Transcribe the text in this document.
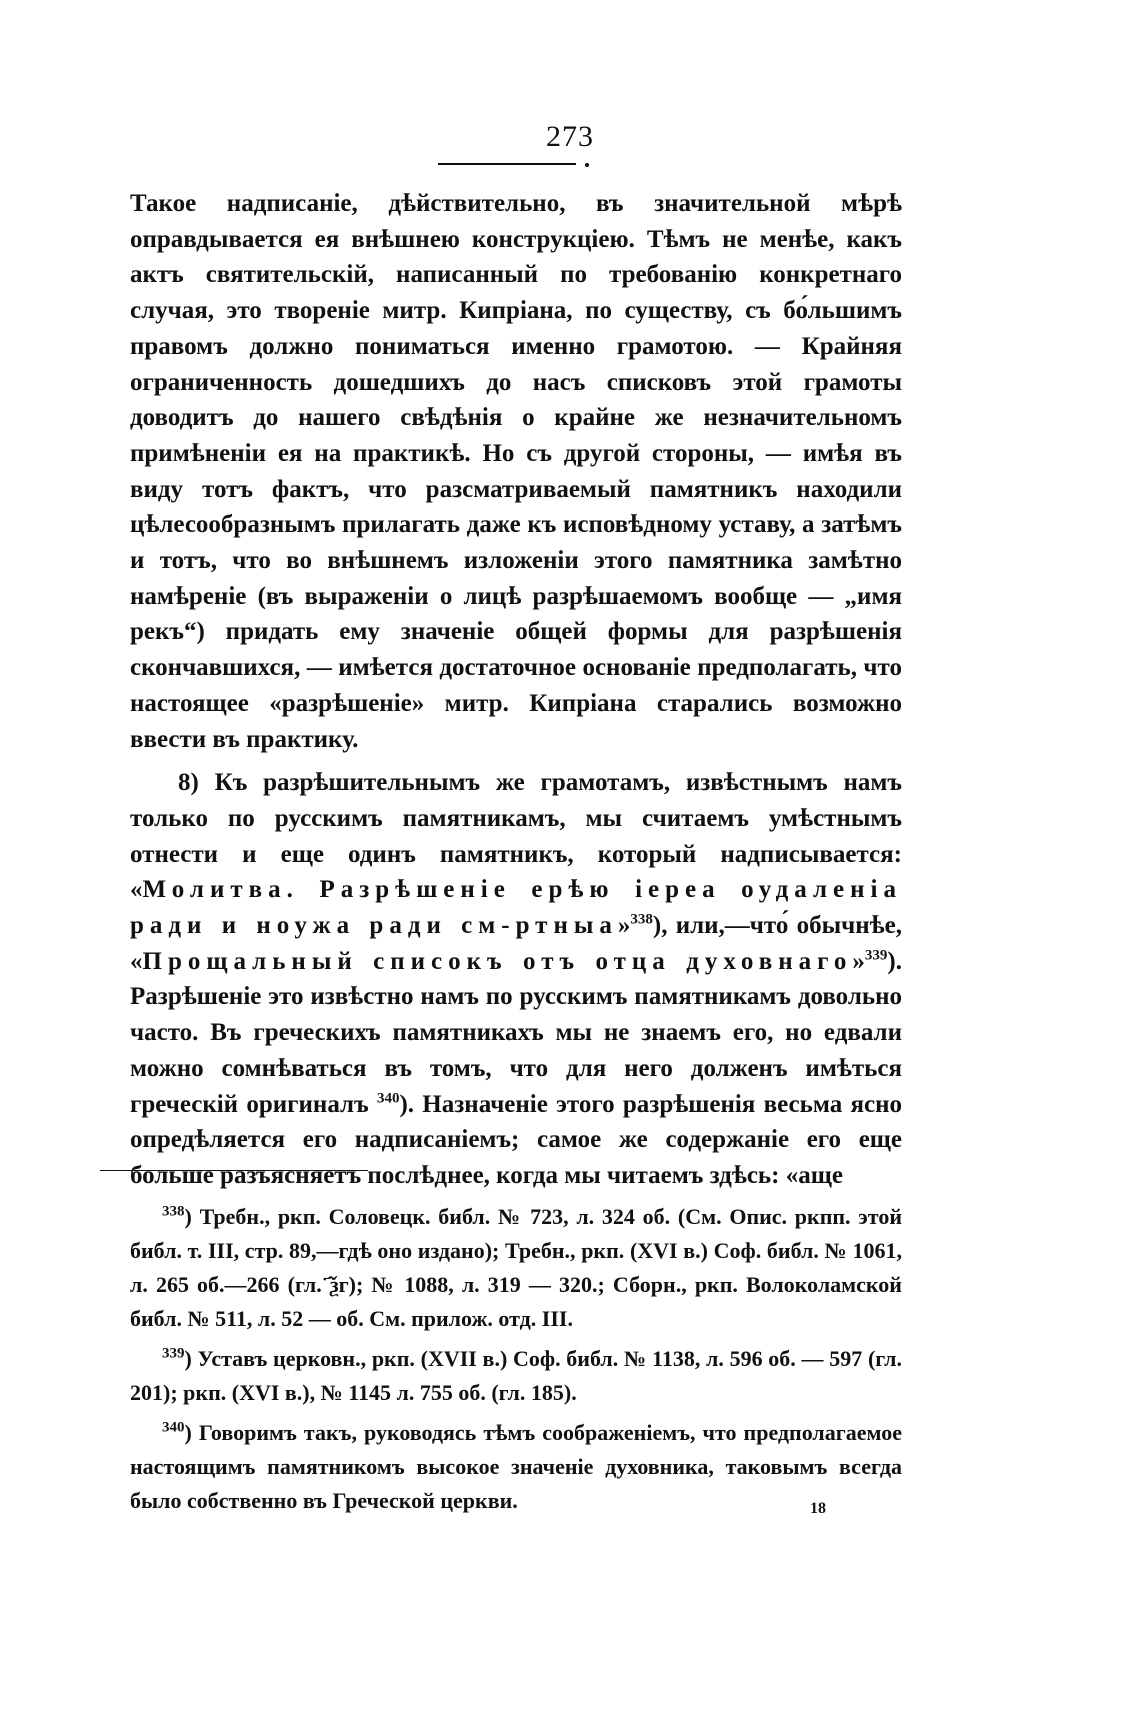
273

Такое надписаніе, дѣйствительно, въ значительной мѣрѣ оправдывается ея внѣшнею конструкціею. Тѣмъ не менѣе, какъ актъ святительскій, написанный по требованію конкретнаго случая, это твореніе митр. Кипріана, по существу, съ бо́льшимъ правомъ должно пониматься именно грамотою. — Крайняя ограниченность дошедшихъ до насъ списковъ этой грамоты доводитъ до нашего свѣдѣнія о крайне же незначительномъ примѣненіи ея на практикѣ. Но съ другой стороны, — имѣя въ виду тотъ фактъ, что разсматриваемый памятникъ находили цѣлесообразнымъ прилагать даже къ исповѣдному уставу, а затѣмъ и тотъ, что во внѣшнемъ изложеніи этого памятника замѣтно намѣреніе (въ выраженіи о лицѣ разрѣшаемомъ вообще — „имя рекъ“) придать ему значеніе общей формы для разрѣшенія скончавшихся, — имѣется достаточное основаніе предполагать, что настоящее «разрѣшеніе» митр. Кипріана старались возможно ввести въ практику.

8) Къ разрѣшительнымъ же грамотамъ, извѣстнымъ намъ только по русскимъ памятникамъ, мы считаемъ умѣстнымъ отнести и еще одинъ памятникъ, который надписывается: «Молитва. Разрѣшеніе ерѣю іереа оудаленіа ради и ноужа ради см-ртныа»$^{338}$), или,—что́ обычнѣе, «Прощальный списокъ отъ отца духовнаго»$^{339}$). Разрѣшеніе это извѣстно намъ по русскимъ памятникамъ довольно часто. Въ греческихъ памятникахъ мы не знаемъ его, но едвали можно сомнѣваться въ томъ, что для него долженъ имѣться греческій оригиналъ $^{340}$). Назначеніе этого разрѣшенія весьма ясно опредѣляется его надписаніемъ; самое же содержаніе его еще больше разъясняетъ послѣднее, когда мы читаемъ здѣсь: «аще

$^{338}$) Требн., ркп. Соловецк. библ. № 723, л. 324 об. (См. Опис. ркпп. этой библ. т. III, стр. 89,—гдѣ оно издано); Требн., ркп. (XVI в.) Соф. библ. № 1061, л. 265 об.—266 (гл. ҃ѯг); № 1088, л. 319 — 320.; Сборн., ркп. Волоколамской библ. № 511, л. 52 — об. См. прилож. отд. III.

$^{339}$) Уставъ церковн., ркп. (XVII в.) Соф. библ. № 1138, л. 596 об. — 597 (гл. 201); ркп. (XVI в.), № 1145 л. 755 об. (гл. 185).

$^{340}$) Говоримъ такъ, руководясь тѣмъ соображеніемъ, что предполагаемое настоящимъ памятникомъ высокое значеніе духовника, таковымъ всегда было собственно въ Греческой церкви.	18
